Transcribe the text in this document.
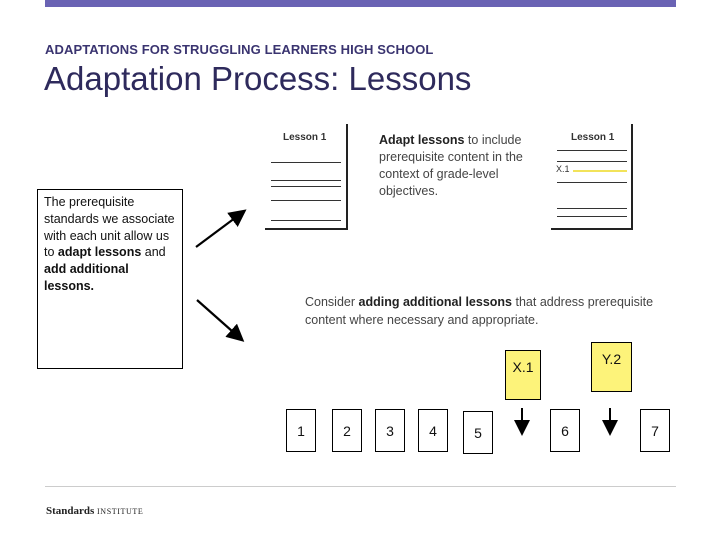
ADAPTATIONS FOR STRUGGLING LEARNERS HIGH SCHOOL
Adaptation Process: Lessons
The prerequisite standards we associate with each unit allow us to adapt lessons and add additional lessons.
Lesson 1	Lesson 1
X.1
Adapt lessons to include prerequisite content in the context of grade-level objectives.
Consider adding additional lessons that address prerequisite content where necessary and appropriate.
X.1	Y.2
1	2	3	4	5	6	7
Standards INSTITUTE
